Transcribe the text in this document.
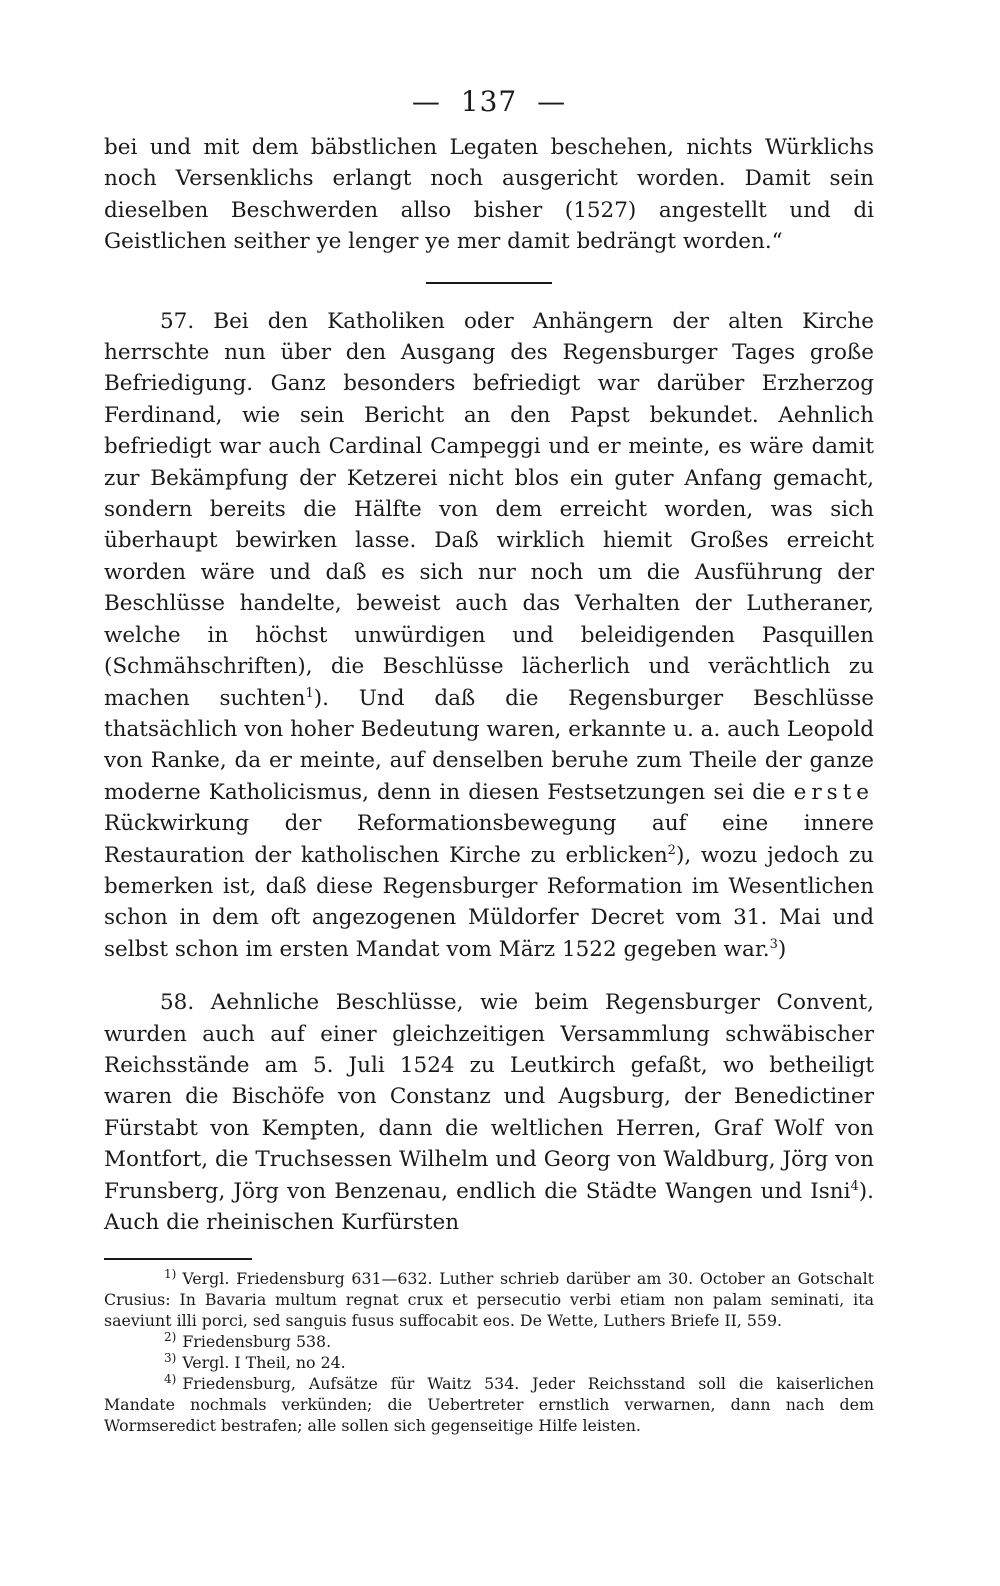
— 137 —

bei und mit dem bäbstlichen Legaten beschehen, nichts Würklichs noch Versenklichs erlangt noch ausgericht worden. Damit sein dieselben Beschwerden allso bisher (1527) angestellt und di Geistlichen seither ye lenger ye mer damit bedrängt worden.“

57. Bei den Katholiken oder Anhängern der alten Kirche herrschte nun über den Ausgang des Regensburger Tages große Befriedigung. Ganz besonders befriedigt war darüber Erzherzog Ferdinand, wie sein Bericht an den Papst bekundet. Aehnlich befriedigt war auch Cardinal Campeggi und er meinte, es wäre damit zur Bekämpfung der Ketzerei nicht blos ein guter Anfang gemacht, sondern bereits die Hälfte von dem erreicht worden, was sich überhaupt bewirken lasse. Daß wirklich hiemit Großes erreicht worden wäre und daß es sich nur noch um die Ausführung der Beschlüsse handelte, beweist auch das Verhalten der Lutheraner, welche in höchst unwürdigen und beleidigenden Pasquillen (Schmähschriften), die Beschlüsse lächerlich und verächtlich zu machen suchten$^1$). Und daß die Regensburger Beschlüsse thatsächlich von hoher Bedeutung waren, erkannte u. a. auch Leopold von Ranke, da er meinte, auf denselben beruhe zum Theile der ganze moderne Katholicismus, denn in diesen Festsetzungen sei die erste Rückwirkung der Reformationsbewegung auf eine innere Restauration der katholischen Kirche zu erblicken$^2$), wozu jedoch zu bemerken ist, daß diese Regensburger Reformation im Wesentlichen schon in dem oft angezogenen Müldorfer Decret vom 31. Mai und selbst schon im ersten Mandat vom März 1522 gegeben war.$^3$)

58. Aehnliche Beschlüsse, wie beim Regensburger Convent, wurden auch auf einer gleichzeitigen Versammlung schwäbischer Reichsstände am 5. Juli 1524 zu Leutkirch gefaßt, wo betheiligt waren die Bischöfe von Constanz und Augsburg, der Benedictiner Fürstabt von Kempten, dann die weltlichen Herren, Graf Wolf von Montfort, die Truchsessen Wilhelm und Georg von Waldburg, Jörg von Frunsberg, Jörg von Benzenau, endlich die Städte Wangen und Isni$^4$). Auch die rheinischen Kurfürsten

1) Vergl. Friedensburg 631—632. Luther schrieb darüber am 30. October an Gotschalt Crusius: In Bavaria multum regnat crux et persecutio verbi etiam non palam seminati, ita saeviunt illi porci, sed sanguis fusus suffocabit eos. De Wette, Luthers Briefe II, 559.

2) Friedensburg 538.

3) Vergl. I Theil, no 24.

4) Friedensburg, Aufsätze für Waitz 534. Jeder Reichsstand soll die kaiserlichen Mandate nochmals verkünden; die Uebertreter ernstlich verwarnen, dann nach dem Wormseredict bestrafen; alle sollen sich gegenseitige Hilfe leisten.
